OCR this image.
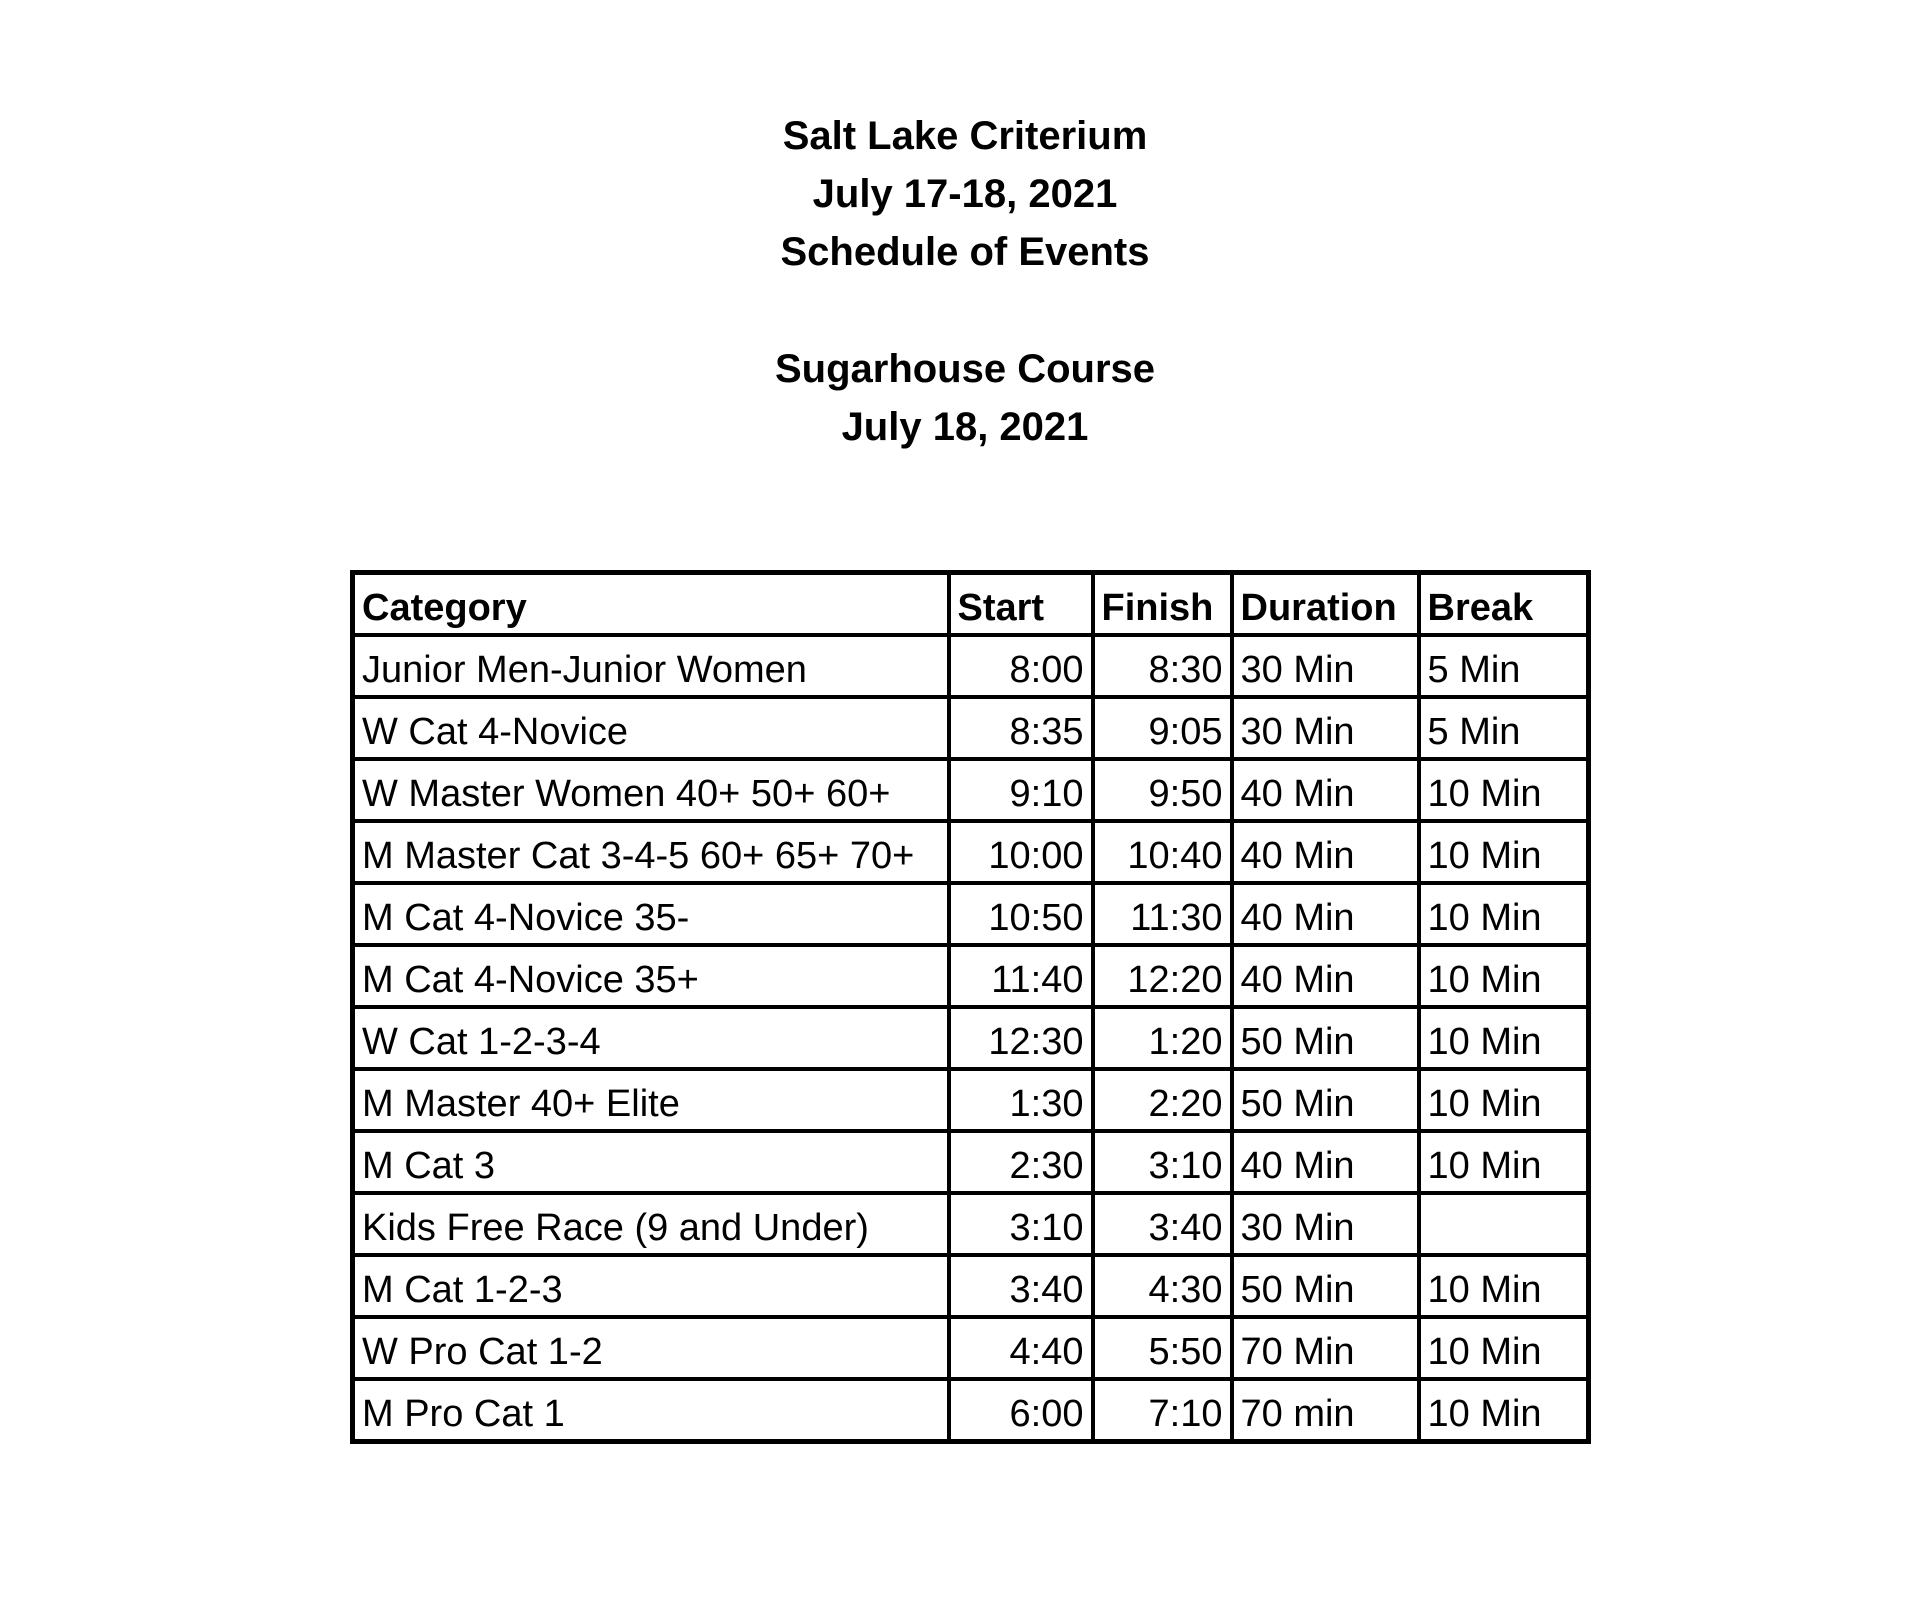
Salt Lake Criterium
July 17-18, 2021
Schedule of Events
Sugarhouse Course
July 18, 2021
Category	Start	Finish	Duration	Break
Junior Men-Junior Women	8:00	8:30	30 Min	5 Min
W Cat 4-Novice	8:35	9:05	30 Min	5 Min
W Master Women 40+ 50+ 60+	9:10	9:50	40 Min	10 Min
M Master Cat 3-4-5 60+ 65+ 70+	10:00	10:40	40 Min	10 Min
M Cat 4-Novice 35-	10:50	11:30	40 Min	10 Min
M Cat 4-Novice 35+	11:40	12:20	40 Min	10 Min
W Cat 1-2-3-4	12:30	1:20	50 Min	10 Min
M Master 40+ Elite	1:30	2:20	50 Min	10 Min
M Cat 3	2:30	3:10	40 Min	10 Min
Kids Free Race (9 and Under)	3:10	3:40	30 Min	
M Cat 1-2-3	3:40	4:30	50 Min	10 Min
W Pro Cat 1-2	4:40	5:50	70 Min	10 Min
M Pro Cat 1	6:00	7:10	70 min	10 Min
